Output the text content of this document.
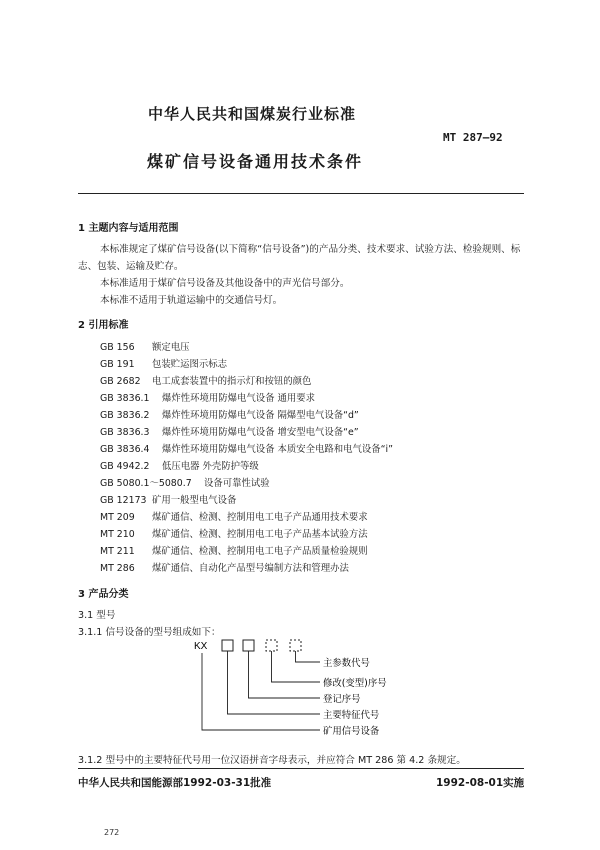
中华人民共和国煤炭行业标准
MT 287—92
煤矿信号设备通用技术条件
1 主题内容与适用范围
本标准规定了煤矿信号设备(以下简称“信号设备”)的产品分类、技术要求、试验方法、检验规则、标
志、包装、运输及贮存。
本标准适用于煤矿信号设备及其他设备中的声光信号部分。
本标准不适用于轨道运输中的交通信号灯。
2 引用标准
GB 156 额定电压
GB 191 包装贮运图示标志
GB 2682 电工成套装置中的指示灯和按钮的颜色
GB 3836.1 爆炸性环境用防爆电气设备 通用要求
GB 3836.2 爆炸性环境用防爆电气设备 隔爆型电气设备“d”
GB 3836.3 爆炸性环境用防爆电气设备 增安型电气设备“e”
GB 3836.4 爆炸性环境用防爆电气设备 本质安全电路和电气设备“i”
GB 4942.2 低压电器 外壳防护等级
GB 5080.1～5080.7 设备可靠性试验
GB 12173 矿用一般型电气设备
MT 209 煤矿通信、检测、控制用电工电子产品通用技术要求
MT 210 煤矿通信、检测、控制用电工电子产品基本试验方法
MT 211 煤矿通信、检测、控制用电工电子产品质量检验规则
MT 286 煤矿通信、自动化产品型号编制方法和管理办法
3 产品分类
3.1 型号
3.1.1 信号设备的型号组成如下：
KX
主参数代号
修改(变型)序号
登记序号
主要特征代号
矿用信号设备
3.1.2 型号中的主要特征代号用一位汉语拼音字母表示，并应符合 MT 286 第 4.2 条规定。
中华人民共和国能源部1992-03-31批准	1992-08-01实施
272
